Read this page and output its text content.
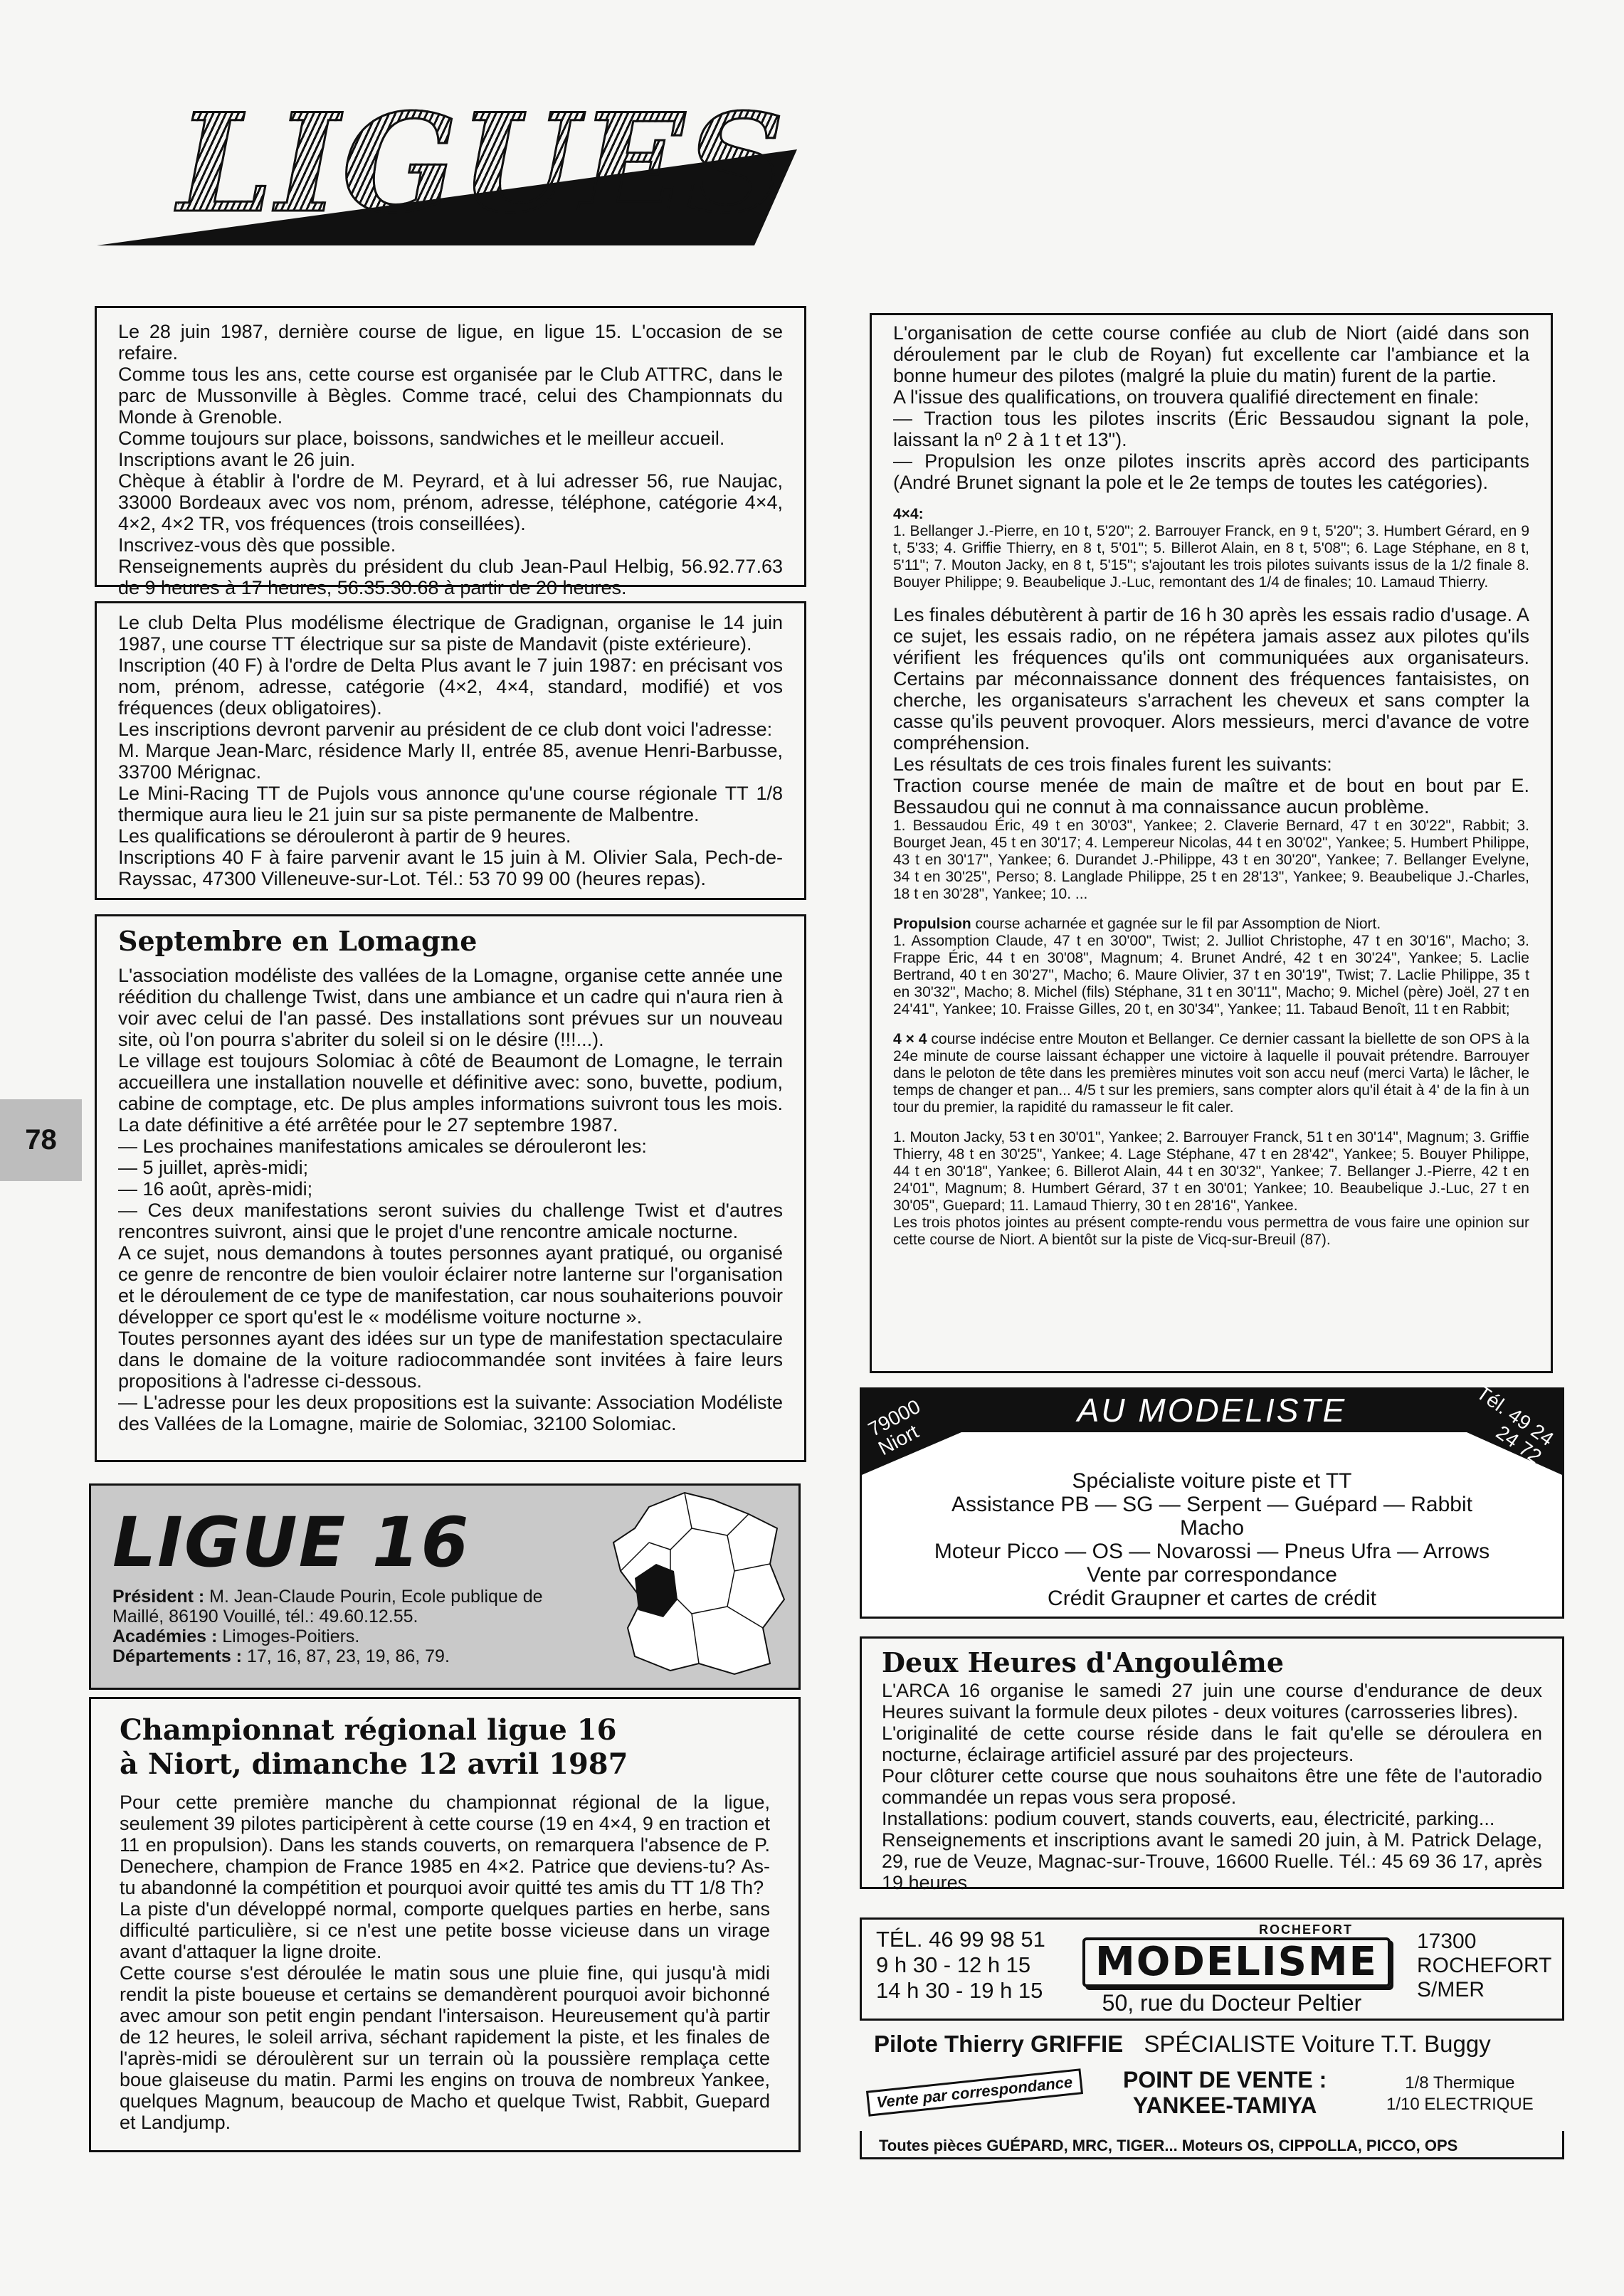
LIGUES
78

Le 28 juin 1987, dernière course de ligue, en ligue 15. L'occasion de se refaire.

Comme tous les ans, cette course est organisée par le Club ATTRC, dans le parc de Mussonville à Bègles. Comme tracé, celui des Championnats du Monde à Grenoble.

Comme toujours sur place, boissons, sandwiches et le meilleur accueil.

Inscriptions avant le 26 juin.

Chèque à établir à l'ordre de M. Peyrard, et à lui adresser 56, rue Naujac, 33000 Bordeaux avec vos nom, prénom, adresse, téléphone, catégorie 4×4, 4×2, 4×2 TR, vos fréquences (trois conseillées).

Inscrivez-vous dès que possible.

Renseignements auprès du président du club Jean-Paul Helbig, 56.92.77.63 de 9 heures à 17 heures, 56.35.30.68 à partir de 20 heures.

Le club Delta Plus modélisme électrique de Gradignan, organise le 14 juin 1987, une course TT électrique sur sa piste de Mandavit (piste extérieure).

Inscription (40 F) à l'ordre de Delta Plus avant le 7 juin 1987: en précisant vos nom, prénom, adresse, catégorie (4×2, 4×4, standard, modifié) et vos fréquences (deux obligatoires).

Les inscriptions devront parvenir au président de ce club dont voici l'adresse:

M. Marque Jean-Marc, résidence Marly II, entrée 85, avenue Henri-Barbusse, 33700 Mérignac.

Le Mini-Racing TT de Pujols vous annonce qu'une course régionale TT 1/8 thermique aura lieu le 21 juin sur sa piste permanente de Malbentre.

Les qualifications se dérouleront à partir de 9 heures.

Inscriptions 40 F à faire parvenir avant le 15 juin à M. Olivier Sala, Pech-de-Rayssac, 47300 Villeneuve-sur-Lot. Tél.: 53 70 99 00 (heures repas).

Septembre en Lomagne

L'association modéliste des vallées de la Lomagne, organise cette année une réédition du challenge Twist, dans une ambiance et un cadre qui n'aura rien à voir avec celui de l'an passé. Des installations sont prévues sur un nouveau site, où l'on pourra s'abriter du soleil si on le désire (!!!...).

Le village est toujours Solomiac à côté de Beaumont de Lomagne, le terrain accueillera une installation nouvelle et définitive avec: sono, buvette, podium, cabine de comptage, etc. De plus amples informations suivront tous les mois. La date définitive a été arrêtée pour le 27 septembre 1987.

— Les prochaines manifestations amicales se dérouleront les:

— 5 juillet, après-midi;

— 16 août, après-midi;

— Ces deux manifestations seront suivies du challenge Twist et d'autres rencontres suivront, ainsi que le projet d'une rencontre amicale nocturne.

A ce sujet, nous demandons à toutes personnes ayant pratiqué, ou organisé ce genre de rencontre de bien vouloir éclairer notre lanterne sur l'organisation et le déroulement de ce type de manifestation, car nous souhaiterions pouvoir développer ce sport qu'est le « modélisme voiture nocturne ».

Toutes personnes ayant des idées sur un type de manifestation spectaculaire dans le domaine de la voiture radiocommandée sont invitées à faire leurs propositions à l'adresse ci-dessous.

— L'adresse pour les deux propositions est la suivante: Association Modéliste des Vallées de la Lomagne, mairie de Solomiac, 32100 Solomiac.

LIGUE 16

Président : M. Jean-Claude Pourin, Ecole publique de Maillé, 86190 Vouillé, tél.: 49.60.12.55.

Académies : Limoges-Poitiers.

Départements : 17, 16, 87, 23, 19, 86, 79.

Championnat régional ligue 16
à Niort, dimanche 12 avril 1987

Pour cette première manche du championnat régional de la ligue, seulement 39 pilotes participèrent à cette course (19 en 4×4, 9 en traction et 11 en propulsion). Dans les stands couverts, on remarquera l'absence de P. Denechere, champion de France 1985 en 4×2. Patrice que deviens-tu? As-tu abandonné la compétition et pourquoi avoir quitté tes amis du TT 1/8 Th?

La piste d'un développé normal, comporte quelques parties en herbe, sans difficulté particulière, si ce n'est une petite bosse vicieuse dans un virage avant d'attaquer la ligne droite.

Cette course s'est déroulée le matin sous une pluie fine, qui jusqu'à midi rendit la piste boueuse et certains se demandèrent pourquoi avoir bichonné avec amour son petit engin pendant l'intersaison. Heureusement qu'à partir de 12 heures, le soleil arriva, séchant rapidement la piste, et les finales de l'après-midi se déroulèrent sur un terrain où la poussière remplaça cette boue glaiseuse du matin. Parmi les engins on trouva de nombreux Yankee, quelques Magnum, beaucoup de Macho et quelque Twist, Rabbit, Guepard et Landjump.

L'organisation de cette course confiée au club de Niort (aidé dans son déroulement par le club de Royan) fut excellente car l'ambiance et la bonne humeur des pilotes (malgré la pluie du matin) furent de la partie.

A l'issue des qualifications, on trouvera qualifié directement en finale:

— Traction tous les pilotes inscrits (Éric Bessaudou signant la pole, laissant la nº 2 à 1 t et 13").

— Propulsion les onze pilotes inscrits après accord des participants (André Brunet signant la pole et le 2e temps de toutes les catégories).

4×4:

1. Bellanger J.-Pierre, en 10 t, 5'20"; 2. Barrouyer Franck, en 9 t, 5'20"; 3. Humbert Gérard, en 9 t, 5'33; 4. Griffie Thierry, en 8 t, 5'01"; 5. Billerot Alain, en 8 t, 5'08"; 6. Lage Stéphane, en 8 t, 5'11"; 7. Mouton Jacky, en 8 t, 5'15"; s'ajoutant les trois pilotes suivants issus de la 1/2 finale 8. Bouyer Philippe; 9. Beaubelique J.-Luc, remontant des 1/4 de finales; 10. Lamaud Thierry.

Les finales débutèrent à partir de 16 h 30 après les essais radio d'usage. A ce sujet, les essais radio, on ne répétera jamais assez aux pilotes qu'ils vérifient les fréquences qu'ils ont communiquées aux organisateurs. Certains par méconnaissance donnent des fréquences fantaisistes, on cherche, les organisateurs s'arrachent les cheveux et sans compter la casse qu'ils peuvent provoquer. Alors messieurs, merci d'avance de votre compréhension.

Les résultats de ces trois finales furent les suivants:

Traction course menée de main de maître et de bout en bout par E. Bessaudou qui ne connut à ma connaissance aucun problème.

1. Bessaudou Éric, 49 t en 30'03", Yankee; 2. Claverie Bernard, 47 t en 30'22", Rabbit; 3. Bourget Jean, 45 t en 30'17; 4. Lempereur Nicolas, 44 t en 30'02", Yankee; 5. Humbert Philippe, 43 t en 30'17", Yankee; 6. Durandet J.-Philippe, 43 t en 30'20", Yankee; 7. Bellanger Evelyne, 34 t en 30'25", Perso; 8. Langlade Philippe, 25 t en 28'13", Yankee; 9. Beaubelique J.-Charles, 18 t en 30'28", Yankee; 10. ...

Propulsion course acharnée et gagnée sur le fil par Assomption de Niort.

1. Assomption Claude, 47 t en 30'00", Twist; 2. Julliot Christophe, 47 t en 30'16", Macho; 3. Frappe Éric, 44 t en 30'08", Magnum; 4. Brunet André, 42 t en 30'24", Yankee; 5. Laclie Bertrand, 40 t en 30'27", Macho; 6. Maure Olivier, 37 t en 30'19", Twist; 7. Laclie Philippe, 35 t en 30'32", Macho; 8. Michel (fils) Stéphane, 31 t en 30'11", Macho; 9. Michel (père) Joël, 27 t en 24'41", Yankee; 10. Fraisse Gilles, 20 t, en 30'34", Yankee; 11. Tabaud Benoît, 11 t en Rabbit;

4 × 4 course indécise entre Mouton et Bellanger. Ce dernier cassant la biellette de son OPS à la 24e minute de course laissant échapper une victoire à laquelle il pouvait prétendre. Barrouyer dans le peloton de tête dans les premières minutes voit son accu neuf (merci Varta) le lâcher, le temps de changer et pan... 4/5 t sur les premiers, sans compter alors qu'il était à 4' de la fin à un tour du premier, la rapidité du ramasseur le fit caler.

1. Mouton Jacky, 53 t en 30'01", Yankee; 2. Barrouyer Franck, 51 t en 30'14", Magnum; 3. Griffie Thierry, 48 t en 30'25", Yankee; 4. Lage Stéphane, 47 t en 28'42", Yankee; 5. Bouyer Philippe, 44 t en 30'18", Yankee; 6. Billerot Alain, 44 t en 30'32", Yankee; 7. Bellanger J.-Pierre, 42 t en 24'01", Magnum; 8. Humbert Gérard, 37 t en 30'01; Yankee; 10. Beaubelique J.-Luc, 27 t en 30'05", Guepard; 11. Lamaud Thierry, 30 t en 28'16", Yankee.

Les trois photos jointes au présent compte-rendu vous permettra de vous faire une opinion sur cette course de Niort. A bientôt sur la piste de Vicq-sur-Breuil (87).

79000 Niort
AU MODELISTE	Tél. 49 24 24 72
30, rue Saint-Jean
Spécialiste voiture piste et TT
Assistance PB — SG — Serpent — Guépard — Rabbit
Macho
Moteur Picco — OS — Novarossi — Pneus Ufra — Arrows
Vente par correspondance
Crédit Graupner et cartes de crédit
Deux Heures d'Angoulême

L'ARCA 16 organise le samedi 27 juin une course d'endurance de deux Heures suivant la formule deux pilotes - deux voitures (carrosseries libres).

L'originalité de cette course réside dans le fait qu'elle se déroulera en nocturne, éclairage artificiel assuré par des projecteurs.

Pour clôturer cette course que nous souhaitons être une fête de l'autoradio commandée un repas vous sera proposé.

Installations: podium couvert, stands couverts, eau, électricité, parking...

Renseignements et inscriptions avant le samedi 20 juin, à M. Patrick Delage, 29, rue de Veuze, Magnac-sur-Trouve, 16600 Ruelle. Tél.: 45 69 36 17, après 19 heures.

TÉL. 46 99 98 51
9 h 30 - 12 h 15
14 h 30 - 19 h 15
ROCHEFORT
MODELISME
50, rue du Docteur Peltier
17300
ROCHEFORT
S/MER
Pilote Thierry GRIFFIE SPÉCIALISTE Voiture T.T. Buggy
Vente par correspondance	POINT DE VENTE :
YANKEE-TAMIYA
1/8 Thermique
1/10 ELECTRIQUE
Toutes pièces GUÉPARD, MRC, TIGER... Moteurs OS, CIPPOLLA, PICCO, OPS
